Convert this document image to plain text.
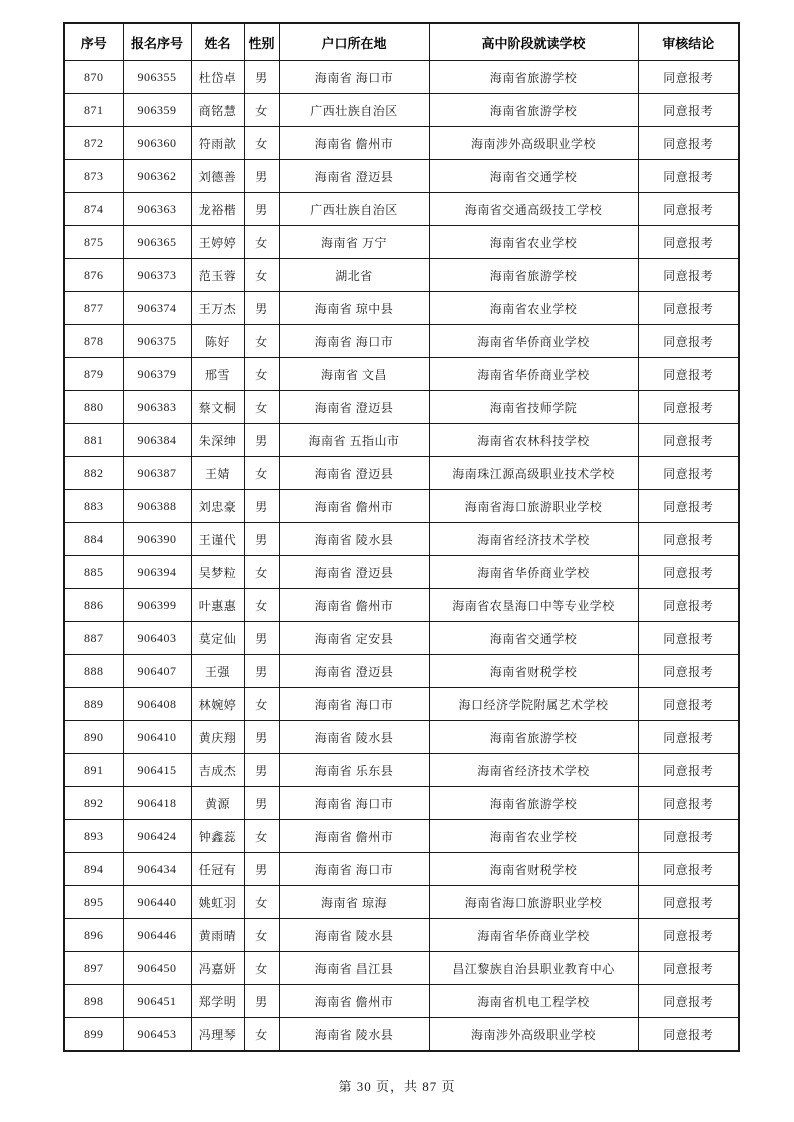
序号	报名序号	姓名	性别	户口所在地	高中阶段就读学校	审核结论
870	906355	杜岱卓	男	海南省 海口市	海南省旅游学校	同意报考
871	906359	商铭慧	女	广西壮族自治区	海南省旅游学校	同意报考
872	906360	符雨歆	女	海南省 儋州市	海南涉外高级职业学校	同意报考
873	906362	刘德善	男	海南省 澄迈县	海南省交通学校	同意报考
874	906363	龙裕楷	男	广西壮族自治区	海南省交通高级技工学校	同意报考
875	906365	王婷婷	女	海南省 万宁	海南省农业学校	同意报考
876	906373	范玉蓉	女	湖北省	海南省旅游学校	同意报考
877	906374	王万杰	男	海南省 琼中县	海南省农业学校	同意报考
878	906375	陈好	女	海南省 海口市	海南省华侨商业学校	同意报考
879	906379	邢雪	女	海南省 文昌	海南省华侨商业学校	同意报考
880	906383	蔡文桐	女	海南省 澄迈县	海南省技师学院	同意报考
881	906384	朱深绅	男	海南省 五指山市	海南省农林科技学校	同意报考
882	906387	王婧	女	海南省 澄迈县	海南珠江源高级职业技术学校	同意报考
883	906388	刘忠豪	男	海南省 儋州市	海南省海口旅游职业学校	同意报考
884	906390	王谨代	男	海南省 陵水县	海南省经济技术学校	同意报考
885	906394	吴梦粒	女	海南省 澄迈县	海南省华侨商业学校	同意报考
886	906399	叶惠惠	女	海南省 儋州市	海南省农垦海口中等专业学校	同意报考
887	906403	莫定仙	男	海南省 定安县	海南省交通学校	同意报考
888	906407	王强	男	海南省 澄迈县	海南省财税学校	同意报考
889	906408	林婉婷	女	海南省 海口市	海口经济学院附属艺术学校	同意报考
890	906410	黄庆翔	男	海南省 陵水县	海南省旅游学校	同意报考
891	906415	吉成杰	男	海南省 乐东县	海南省经济技术学校	同意报考
892	906418	黄源	男	海南省 海口市	海南省旅游学校	同意报考
893	906424	钟鑫蕊	女	海南省 儋州市	海南省农业学校	同意报考
894	906434	任冠有	男	海南省 海口市	海南省财税学校	同意报考
895	906440	姚虹羽	女	海南省 琼海	海南省海口旅游职业学校	同意报考
896	906446	黄雨晴	女	海南省 陵水县	海南省华侨商业学校	同意报考
897	906450	冯嘉妍	女	海南省 昌江县	昌江黎族自治县职业教育中心	同意报考
898	906451	郑学明	男	海南省 儋州市	海南省机电工程学校	同意报考
899	906453	冯理琴	女	海南省 陵水县	海南涉外高级职业学校	同意报考
第 30 页，共 87 页
